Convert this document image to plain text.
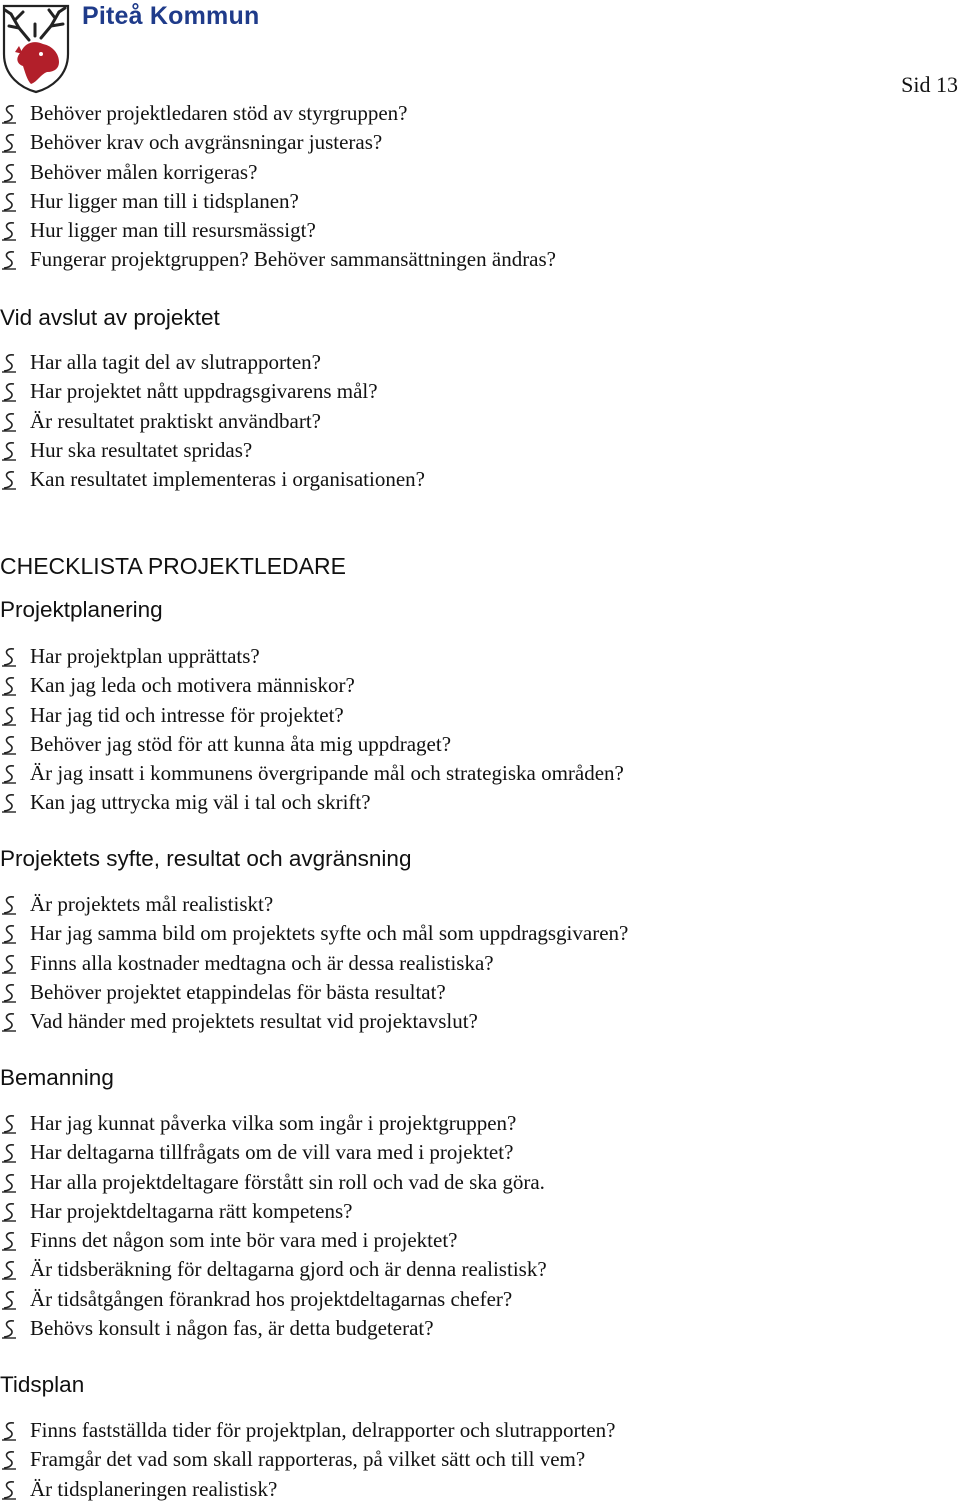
Piteå Kommun
Sid 13
Behöver projektledaren stöd av styrgruppen?
Behöver krav och avgränsningar justeras?
Behöver målen korrigeras?
Hur ligger man till i tidsplanen?
Hur ligger man till resursmässigt?
Fungerar projektgruppen? Behöver sammansättningen ändras?
Vid avslut av projektet
Har alla tagit del av slutrapporten?
Har projektet nått uppdragsgivarens mål?
Är resultatet praktiskt användbart?
Hur ska resultatet spridas?
Kan resultatet implementeras i organisationen?
CHECKLISTA PROJEKTLEDARE
Projektplanering
Har projektplan upprättats?
Kan jag leda och motivera människor?
Har jag tid och intresse för projektet?
Behöver jag stöd för att kunna åta mig uppdraget?
Är jag insatt i kommunens övergripande mål och strategiska områden?
Kan jag uttrycka mig väl i tal och skrift?
Projektets syfte, resultat och avgränsning
Är projektets mål realistiskt?
Har jag samma bild om projektets syfte och mål som uppdragsgivaren?
Finns alla kostnader medtagna och är dessa realistiska?
Behöver projektet etappindelas för bästa resultat?
Vad händer med projektets resultat vid projektavslut?
Bemanning
Har jag kunnat påverka vilka som ingår i projektgruppen?
Har deltagarna tillfrågats om de vill vara med i projektet?
Har alla projektdeltagare förstått sin roll och vad de ska göra.
Har projektdeltagarna rätt kompetens?
Finns det någon som inte bör vara med i projektet?
Är tidsberäkning för deltagarna gjord och är denna realistisk?
Är tidsåtgången förankrad hos projektdeltagarnas chefer?
Behövs konsult i någon fas, är detta budgeterat?
Tidsplan
Finns fastställda tider för projektplan, delrapporter och slutrapporten?
Framgår det vad som skall rapporteras, på vilket sätt och till vem?
Är tidsplaneringen realistisk?
